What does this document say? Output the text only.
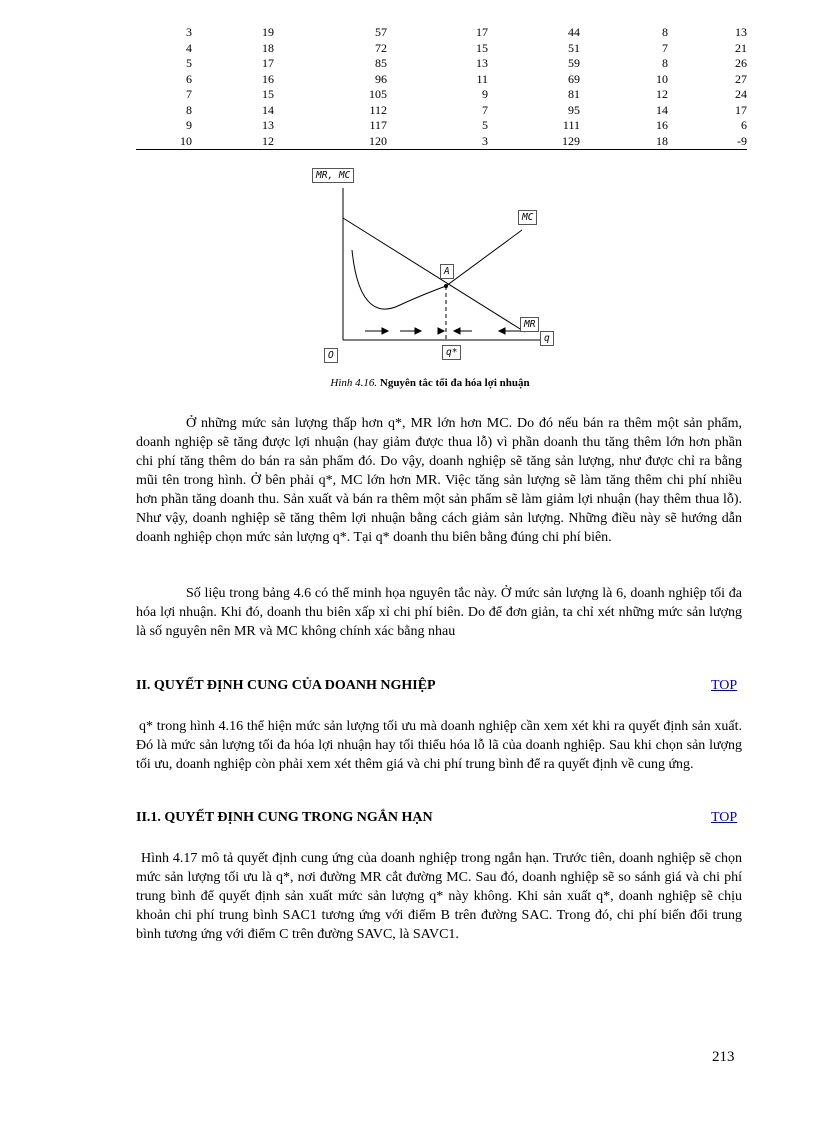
3	19	57	17	44	8	13
4	18	72	15	51	7	21
5	17	85	13	59	8	26
6	16	96	11	69	10	27
7	15	105	9	81	12	24
8	14	112	7	95	14	17
9	13	117	5	111	16	6
10	12	120	3	129	18	-9
MR, MC
MC
A
MR
q
q*
O
Hình 4.16. Nguyên tắc tối đa hóa lợi nhuận
Ở những mức sản lượng thấp hơn q*, MR lớn hơn MC. Do đó nếu bán ra thêm một sản phẩm, doanh nghiệp sẽ tăng được lợi nhuận (hay giảm được thua lỗ) vì phần doanh thu tăng thêm lớn hơn phần chi phí tăng thêm do bán ra sản phẩm đó. Do vậy, doanh nghiệp sẽ tăng sản lượng, như được chỉ ra bằng mũi tên trong hình. Ở bên phải q*, MC lớn hơn MR. Việc tăng sản lượng sẽ làm tăng thêm chi phí nhiều hơn phần tăng doanh thu. Sản xuất và bán ra thêm một sản phẩm sẽ làm giảm lợi nhuận (hay thêm thua lỗ). Như vậy, doanh nghiệp sẽ tăng thêm lợi nhuận bằng cách giảm sản lượng. Những điều này sẽ hướng dẫn doanh nghiệp chọn mức sản lượng q*. Tại q* doanh thu biên bằng đúng chi phí biên.
Số liệu trong bảng 4.6 có thể minh họa nguyên tắc này. Ở mức sản lượng là 6, doanh nghiệp tối đa hóa lợi nhuận. Khi đó, doanh thu biên xấp xỉ chi phí biên. Do để đơn giản, ta chỉ xét những mức sản lượng là số nguyên nên MR và MC không chính xác bằng nhau
II. QUYẾT ĐỊNH CUNG CỦA DOANH NGHIỆP	TOP
q* trong hình 4.16 thể hiện mức sản lượng tối ưu mà doanh nghiệp cần xem xét khi ra quyết định sản xuất. Đó là mức sản lượng tối đa hóa lợi nhuận hay tối thiểu hóa lỗ lã của doanh nghiệp. Sau khi chọn sản lượng tối ưu, doanh nghiệp còn phải xem xét thêm giá và chi phí trung bình để ra quyết định về cung ứng.
II.1. QUYẾT ĐỊNH CUNG TRONG NGẮN HẠN	TOP
Hình 4.17 mô tả quyết định cung ứng của doanh nghiệp trong ngắn hạn. Trước tiên, doanh nghiệp sẽ chọn mức sản lượng tối ưu là q*, nơi đường MR cắt đường MC. Sau đó, doanh nghiệp sẽ so sánh giá và chi phí trung bình để quyết định sản xuất mức sản lượng q* này không. Khi sản xuất q*, doanh nghiệp sẽ chịu khoản chi phí trung bình SAC1 tương ứng với điểm B trên đường SAC. Trong đó, chi phí biến đổi trung bình tương ứng với điểm C trên đường SAVC, là SAVC1.
213
